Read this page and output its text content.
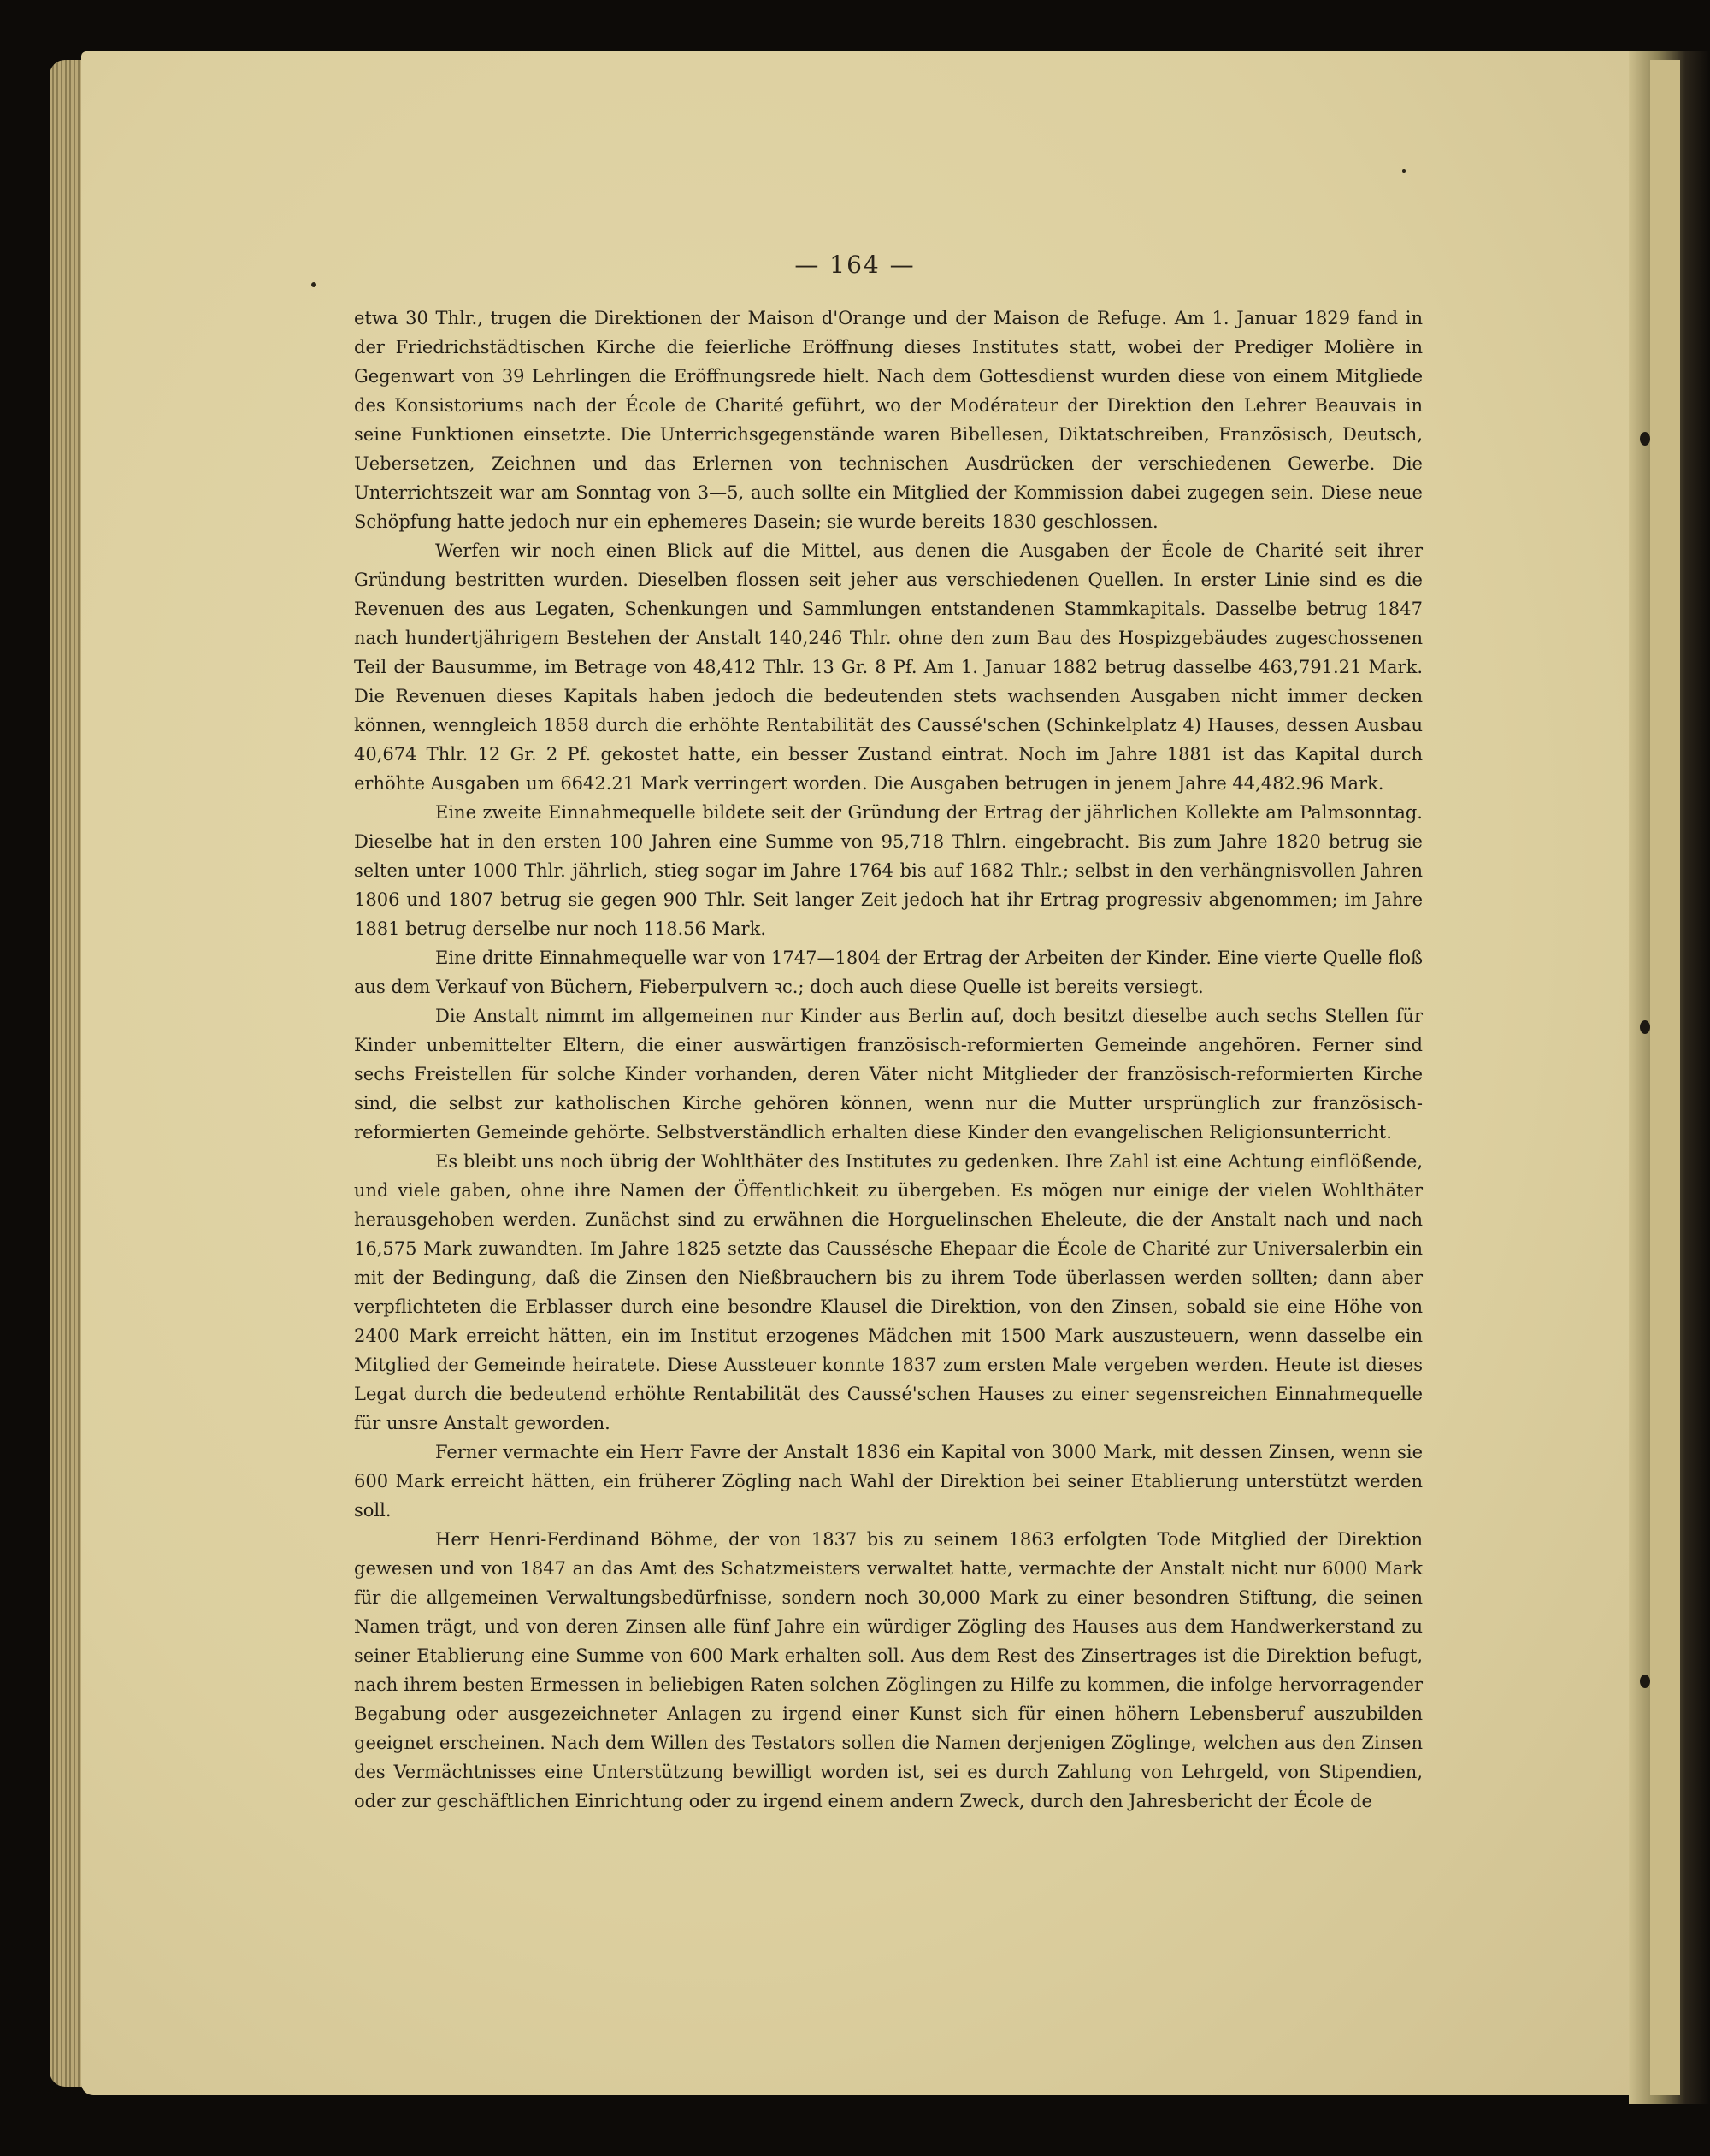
— 164 —

etwa 30 Thlr., trugen die Direktionen der Maison d'Orange und der Maison de Refuge. Am 1. Januar 1829 fand in der Friedrichstädtischen Kirche die feierliche Eröffnung dieses Institutes statt, wobei der Prediger Molière in Gegenwart von 39 Lehrlingen die Eröffnungsrede hielt. Nach dem Gottesdienst wurden diese von einem Mitgliede des Konsistoriums nach der École de Charité geführt, wo der Modérateur der Direktion den Lehrer Beauvais in seine Funktionen einsetzte. Die Unterrichsgegenstände waren Bibellesen, Diktatschreiben, Französisch, Deutsch, Uebersetzen, Zeichnen und das Erlernen von technischen Ausdrücken der verschiedenen Gewerbe. Die Unterrichtszeit war am Sonntag von 3—5, auch sollte ein Mitglied der Kommission dabei zugegen sein. Diese neue Schöpfung hatte jedoch nur ein ephemeres Dasein; sie wurde bereits 1830 geschlossen.

Werfen wir noch einen Blick auf die Mittel, aus denen die Ausgaben der École de Charité seit ihrer Gründung bestritten wurden. Dieselben flossen seit jeher aus verschiedenen Quellen. In erster Linie sind es die Revenuen des aus Legaten, Schenkungen und Sammlungen entstandenen Stammkapitals. Dasselbe betrug 1847 nach hundertjährigem Bestehen der Anstalt 140,246 Thlr. ohne den zum Bau des Hospizgebäudes zugeschossenen Teil der Bausumme, im Betrage von 48,412 Thlr. 13 Gr. 8 Pf. Am 1. Januar 1882 betrug dasselbe 463,791.21 Mark. Die Revenuen dieses Kapitals haben jedoch die bedeutenden stets wachsenden Ausgaben nicht immer decken können, wenngleich 1858 durch die erhöhte Rentabilität des Caussé'schen (Schinkelplatz 4) Hauses, dessen Ausbau 40,674 Thlr. 12 Gr. 2 Pf. gekostet hatte, ein besser Zustand eintrat. Noch im Jahre 1881 ist das Kapital durch erhöhte Ausgaben um 6642.21 Mark verringert worden. Die Ausgaben betrugen in jenem Jahre 44,482.96 Mark.

Eine zweite Einnahmequelle bildete seit der Gründung der Ertrag der jährlichen Kollekte am Palmsonntag. Dieselbe hat in den ersten 100 Jahren eine Summe von 95,718 Thlrn. eingebracht. Bis zum Jahre 1820 betrug sie selten unter 1000 Thlr. jährlich, stieg sogar im Jahre 1764 bis auf 1682 Thlr.; selbst in den verhängnisvollen Jahren 1806 und 1807 betrug sie gegen 900 Thlr. Seit langer Zeit jedoch hat ihr Ertrag progressiv abgenommen; im Jahre 1881 betrug derselbe nur noch 118.56 Mark.

Eine dritte Einnahmequelle war von 1747—1804 der Ertrag der Arbeiten der Kinder. Eine vierte Quelle floß aus dem Verkauf von Büchern, Fieberpulvern ꝛc.; doch auch diese Quelle ist bereits versiegt.

Die Anstalt nimmt im allgemeinen nur Kinder aus Berlin auf, doch besitzt dieselbe auch sechs Stellen für Kinder unbemittelter Eltern, die einer auswärtigen französisch-reformierten Gemeinde angehören. Ferner sind sechs Freistellen für solche Kinder vorhanden, deren Väter nicht Mitglieder der französisch-reformierten Kirche sind, die selbst zur katholischen Kirche gehören können, wenn nur die Mutter ursprünglich zur französisch-reformierten Gemeinde gehörte. Selbstverständlich erhalten diese Kinder den evangelischen Religionsunterricht.

Es bleibt uns noch übrig der Wohlthäter des Institutes zu gedenken. Ihre Zahl ist eine Achtung einflößende, und viele gaben, ohne ihre Namen der Öffentlichkeit zu übergeben. Es mögen nur einige der vielen Wohlthäter herausgehoben werden. Zunächst sind zu erwähnen die Horguelinschen Eheleute, die der Anstalt nach und nach 16,575 Mark zuwandten. Im Jahre 1825 setzte das Caussésche Ehepaar die École de Charité zur Universalerbin ein mit der Bedingung, daß die Zinsen den Nießbrauchern bis zu ihrem Tode überlassen werden sollten; dann aber verpflichteten die Erblasser durch eine besondre Klausel die Direktion, von den Zinsen, sobald sie eine Höhe von 2400 Mark erreicht hätten, ein im Institut erzogenes Mädchen mit 1500 Mark auszusteuern, wenn dasselbe ein Mitglied der Gemeinde heiratete. Diese Aussteuer konnte 1837 zum ersten Male vergeben werden. Heute ist dieses Legat durch die bedeutend erhöhte Rentabilität des Caussé'schen Hauses zu einer segensreichen Einnahmequelle für unsre Anstalt geworden.

Ferner vermachte ein Herr Favre der Anstalt 1836 ein Kapital von 3000 Mark, mit dessen Zinsen, wenn sie 600 Mark erreicht hätten, ein früherer Zögling nach Wahl der Direktion bei seiner Etablierung unterstützt werden soll.

Herr Henri-Ferdinand Böhme, der von 1837 bis zu seinem 1863 erfolgten Tode Mitglied der Direktion gewesen und von 1847 an das Amt des Schatzmeisters verwaltet hatte, vermachte der Anstalt nicht nur 6000 Mark für die allgemeinen Verwaltungsbedürfnisse, sondern noch 30,000 Mark zu einer besondren Stiftung, die seinen Namen trägt, und von deren Zinsen alle fünf Jahre ein würdiger Zögling des Hauses aus dem Handwerkerstand zu seiner Etablierung eine Summe von 600 Mark erhalten soll. Aus dem Rest des Zinsertrages ist die Direktion befugt, nach ihrem besten Ermessen in beliebigen Raten solchen Zöglingen zu Hilfe zu kommen, die infolge hervorragender Begabung oder ausgezeichneter Anlagen zu irgend einer Kunst sich für einen höhern Lebensberuf auszubilden geeignet erscheinen. Nach dem Willen des Testators sollen die Namen derjenigen Zöglinge, welchen aus den Zinsen des Vermächtnisses eine Unterstützung bewilligt worden ist, sei es durch Zahlung von Lehrgeld, von Stipendien, oder zur geschäftlichen Einrichtung oder zu irgend einem andern Zweck, durch den Jahresbericht der École de
